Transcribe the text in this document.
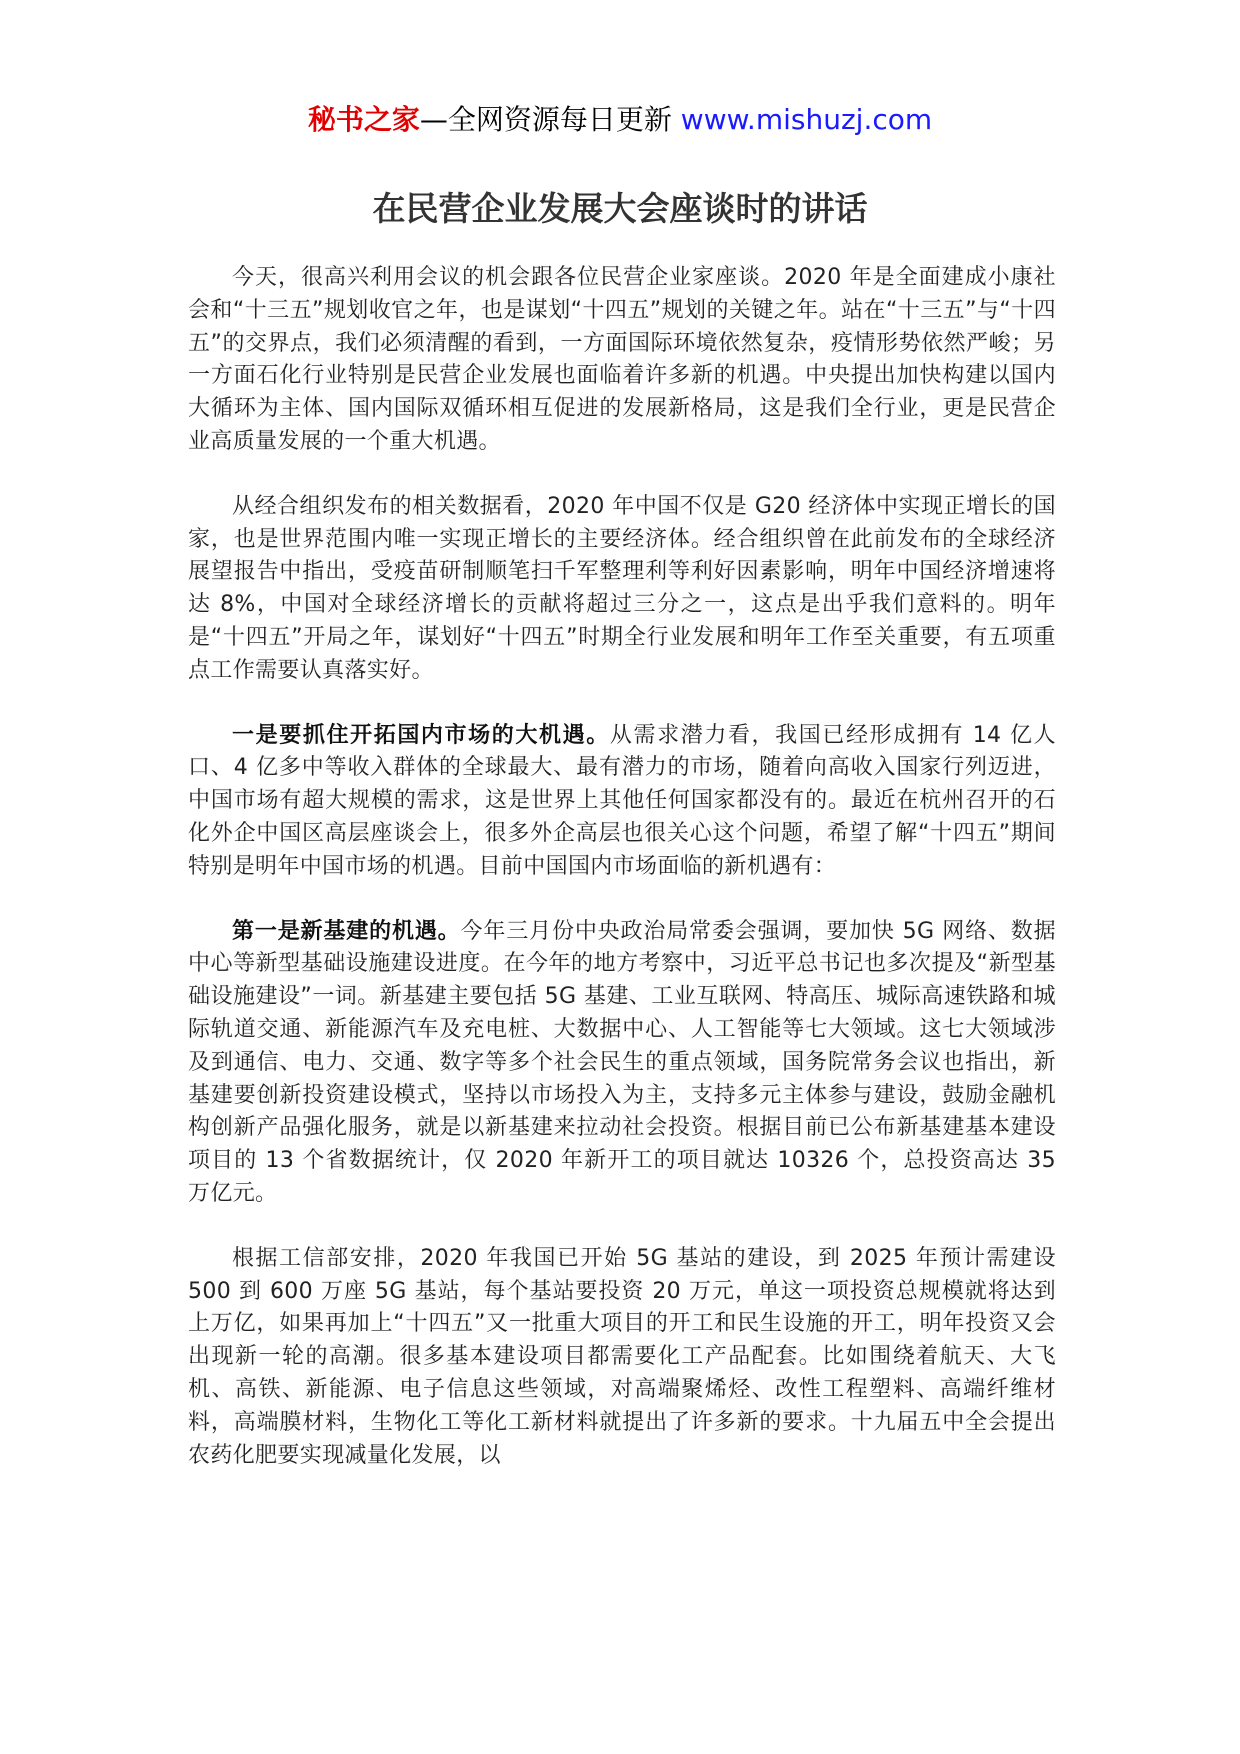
秘书之家—全网资源每日更新 www.mishuzj.com
在民营企业发展大会座谈时的讲话

今天，很高兴利用会议的机会跟各位民营企业家座谈。2020 年是全面建成小康社会和“十三五”规划收官之年，也是谋划“十四五”规划的关键之年。站在“十三五”与“十四五”的交界点，我们必须清醒的看到，一方面国际环境依然复杂，疫情形势依然严峻；另一方面石化行业特别是民营企业发展也面临着许多新的机遇。中央提出加快构建以国内大循环为主体、国内国际双循环相互促进的发展新格局，这是我们全行业，更是民营企业高质量发展的一个重大机遇。

从经合组织发布的相关数据看，2020 年中国不仅是 G20 经济体中实现正增长的国家，也是世界范围内唯一实现正增长的主要经济体。经合组织曾在此前发布的全球经济展望报告中指出，受疫苗研制顺笔扫千军整理利等利好因素影响，明年中国经济增速将达 8%，中国对全球经济增长的贡献将超过三分之一，这点是出乎我们意料的。明年是“十四五”开局之年，谋划好“十四五”时期全行业发展和明年工作至关重要，有五项重点工作需要认真落实好。

一是要抓住开拓国内市场的大机遇。从需求潜力看，我国已经形成拥有 14 亿人口、4 亿多中等收入群体的全球最大、最有潜力的市场，随着向高收入国家行列迈进，中国市场有超大规模的需求，这是世界上其他任何国家都没有的。最近在杭州召开的石化外企中国区高层座谈会上，很多外企高层也很关心这个问题，希望了解“十四五”期间特别是明年中国市场的机遇。目前中国国内市场面临的新机遇有：

第一是新基建的机遇。今年三月份中央政治局常委会强调，要加快 5G 网络、数据中心等新型基础设施建设进度。在今年的地方考察中，习近平总书记也多次提及“新型基础设施建设”一词。新基建主要包括 5G 基建、工业互联网、特高压、城际高速铁路和城际轨道交通、新能源汽车及充电桩、大数据中心、人工智能等七大领域。这七大领域涉及到通信、电力、交通、数字等多个社会民生的重点领域，国务院常务会议也指出，新基建要创新投资建设模式，坚持以市场投入为主，支持多元主体参与建设，鼓励金融机构创新产品强化服务，就是以新基建来拉动社会投资。根据目前已公布新基建基本建设项目的 13 个省数据统计，仅 2020 年新开工的项目就达 10326 个，总投资高达 35 万亿元。

根据工信部安排，2020 年我国已开始 5G 基站的建设，到 2025 年预计需建设 500 到 600 万座 5G 基站，每个基站要投资 20 万元，单这一项投资总规模就将达到上万亿，如果再加上“十四五”又一批重大项目的开工和民生设施的开工，明年投资又会出现新一轮的高潮。很多基本建设项目都需要化工产品配套。比如围绕着航天、大飞机、高铁、新能源、电子信息这些领域，对高端聚烯烃、改性工程塑料、高端纤维材料，高端膜材料，生物化工等化工新材料就提出了许多新的要求。十九届五中全会提出农药化肥要实现减量化发展，以
